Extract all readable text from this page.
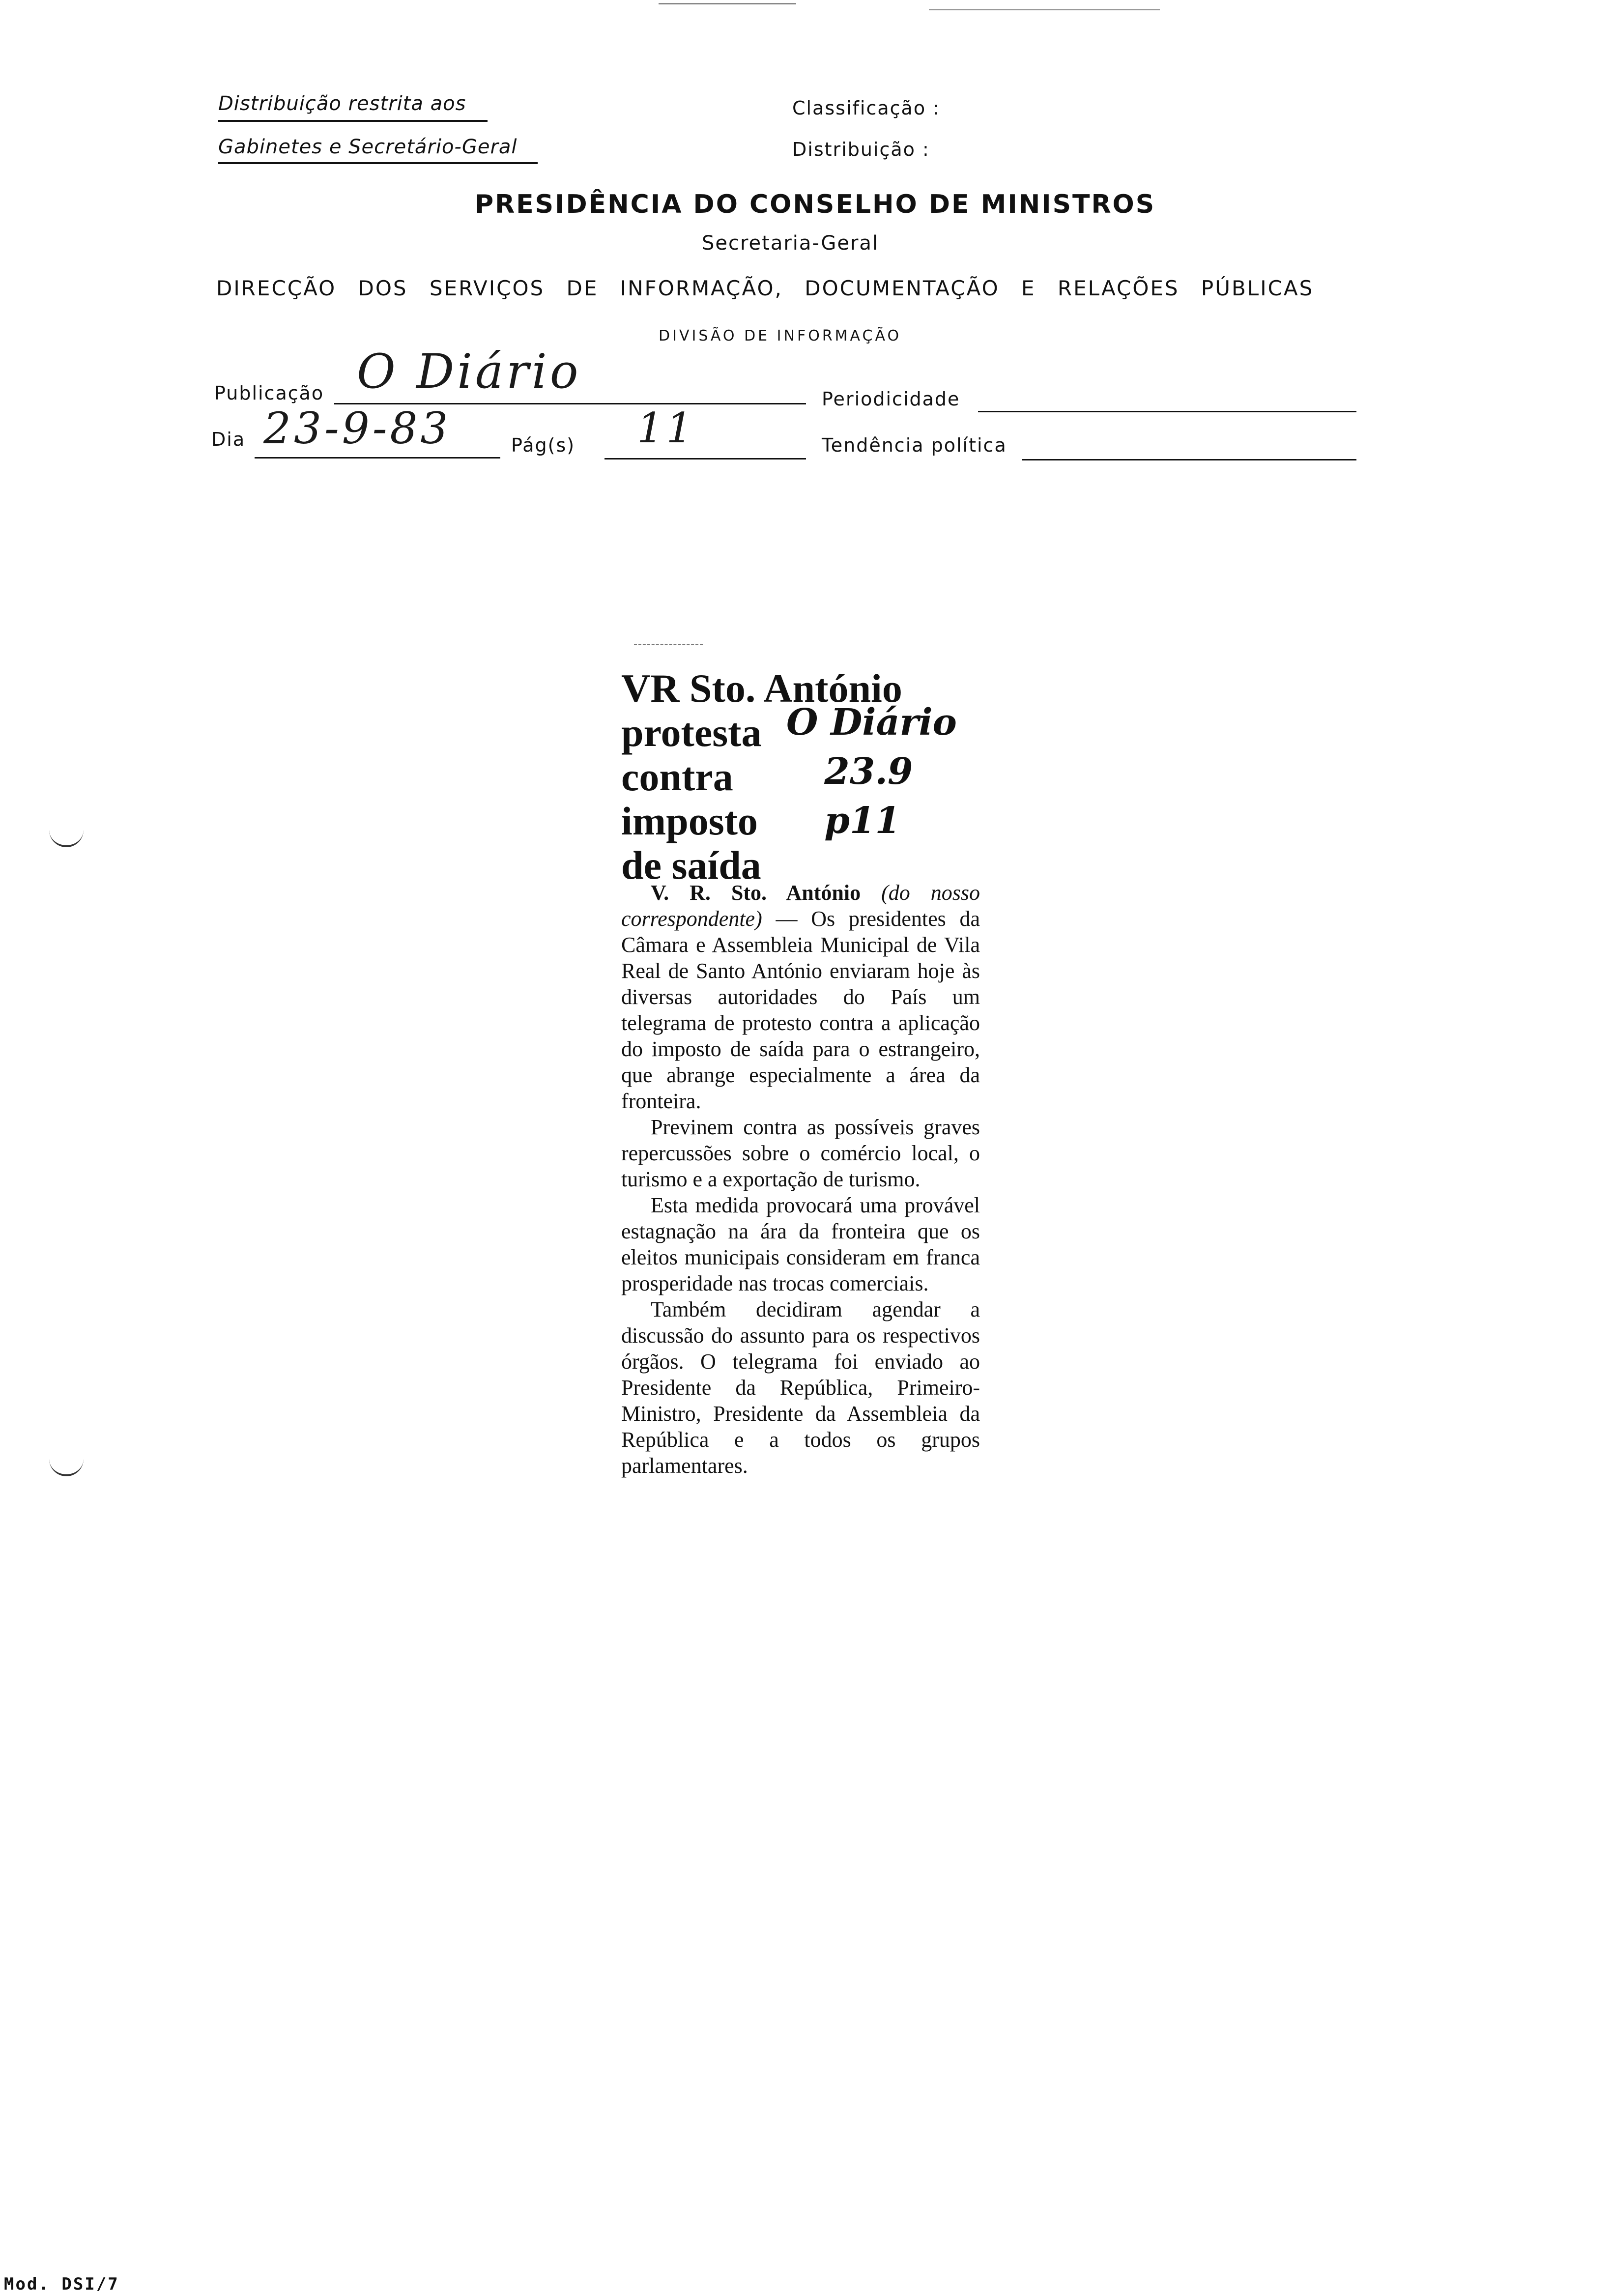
Distribuição restrita aos
Gabinetes e Secretário-Geral
Classificação :
Distribuição :
PRESIDÊNCIA DO CONSELHO DE MINISTROS
Secretaria-Geral
DIRECÇÃO DOS SERVIÇOS DE INFORMAÇÃO, DOCUMENTAÇÃO E RELAÇÕES PÚBLICAS
DIVISÃO DE INFORMAÇÃO
Publicação O Diário	Periodicidade
Dia 23-9-83	Pág(s) 11	Tendência política
VR Sto. António
protesta
contra
imposto
de saída
O Diário
23.9
p11

V. R. Sto. António (do nosso correspondente) — Os presidentes da Câmara e Assembleia Municipal de Vila Real de Santo António enviaram hoje às diversas autoridades do País um telegrama de protesto contra a aplicação do imposto de saída para o estrangeiro, que abrange especialmente a área da fronteira.

Previnem contra as possíveis graves repercussões sobre o comércio local, o turismo e a exportação de turismo.

Esta medida provocará uma provável estagnação na ára da fronteira que os eleitos municipais consideram em franca prosperidade nas trocas comerciais.

Também decidiram agendar a discussão do assunto para os respectivos órgãos. O telegrama foi enviado ao Presidente da República, Primeiro-Ministro, Presidente da Assembleia da República e a todos os grupos parlamentares.

Mod. DSI/7
